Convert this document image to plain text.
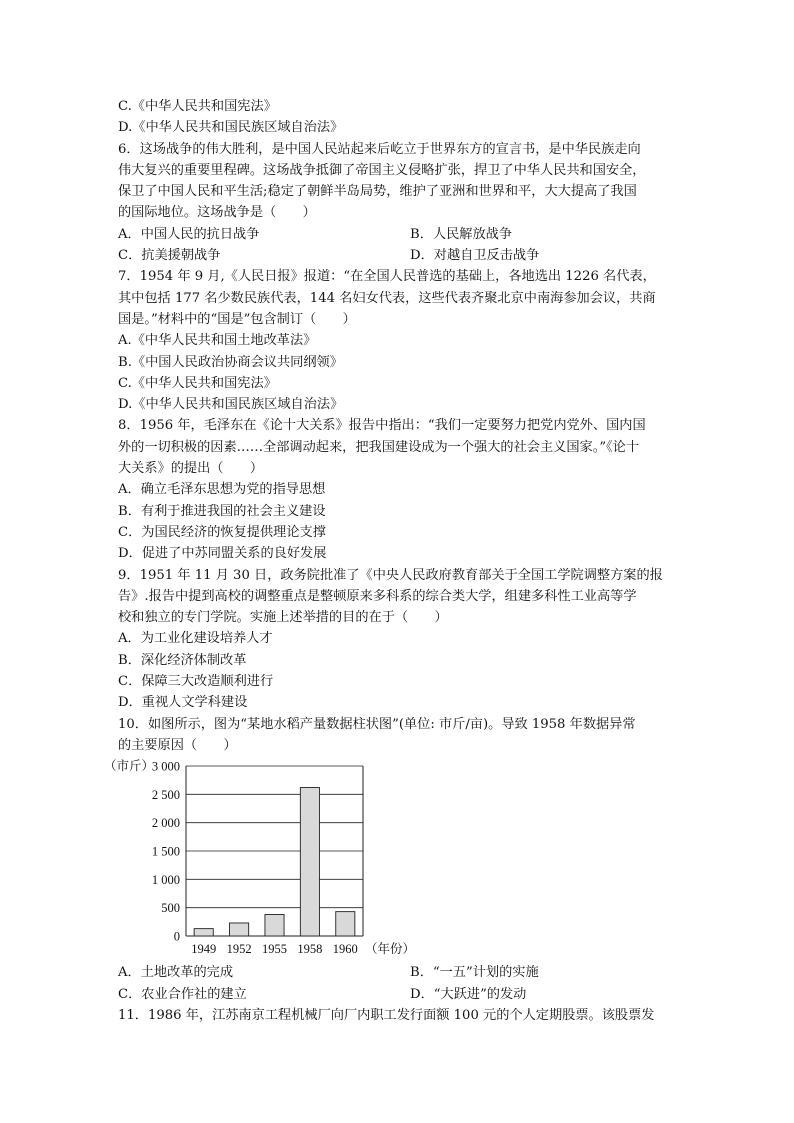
C.《中华人民共和国宪法》
D.《中华人民共和国民族区域自治法》
6．这场战争的伟大胜利，是中国人民站起来后屹立于世界东方的宣言书，是中华民族走向
伟大复兴的重要里程碑。这场战争抵御了帝国主义侵略扩张，捍卫了中华人民共和国安全，
保卫了中国人民和平生活;稳定了朝鲜半岛局势，维护了亚洲和世界和平，大大提高了我国
的国际地位。这场战争是（　　）
A．中国人民的抗日战争	B．人民解放战争
C．抗美援朝战争	D．对越自卫反击战争
7．1954 年 9 月,《人民日报》报道：“在全国人民普选的基础上，各地选出 1226 名代表，
其中包括 177 名少数民族代表，144 名妇女代表，这些代表齐聚北京中南海参加会议，共商
国是。”材料中的“国是”包含制订（　　）
A.《中华人民共和国土地改革法》
B.《中国人民政治协商会议共同纲领》
C.《中华人民共和国宪法》
D.《中华人民共和国民族区域自治法》
8．1956 年，毛泽东在《论十大关系》报告中指出：“我们一定要努力把党内党外、国内国
外的一切积极的因素……全部调动起来，把我国建设成为一个强大的社会主义国家。”《论十
大关系》的提出（　　）
A．确立毛泽东思想为党的指导思想
B．有利于推进我国的社会主义建设
C．为国民经济的恢复提供理论支撑
D．促进了中苏同盟关系的良好发展
9．1951 年 11 月 30 日，政务院批准了《中央人民政府教育部关于全国工学院调整方案的报
告》.报告中提到高校的调整重点是整顿原来多科系的综合类大学，组建多科性工业高等学
校和独立的专门学院。实施上述举措的目的在于（　　）
A．为工业化建设培养人才
B．深化经济体制改革
C．保障三大改造顺利进行
D．重视人文学科建设
10．如图所示，图为“某地水稻产量数据柱状图”(单位: 市斤/亩)。导致 1958 年数据异常
的主要原因（　　）
0
500
1 000
1 500
2 000
2 500
3 000
1949 1952 1955 1958 1960
（市斤）
（年份）
A．土地改革的完成	B．“一五”计划的实施
C．农业合作社的建立	D．“大跃进”的发动
11．1986 年，江苏南京工程机械厂向厂内职工发行面额 100 元的个人定期股票。该股票发
